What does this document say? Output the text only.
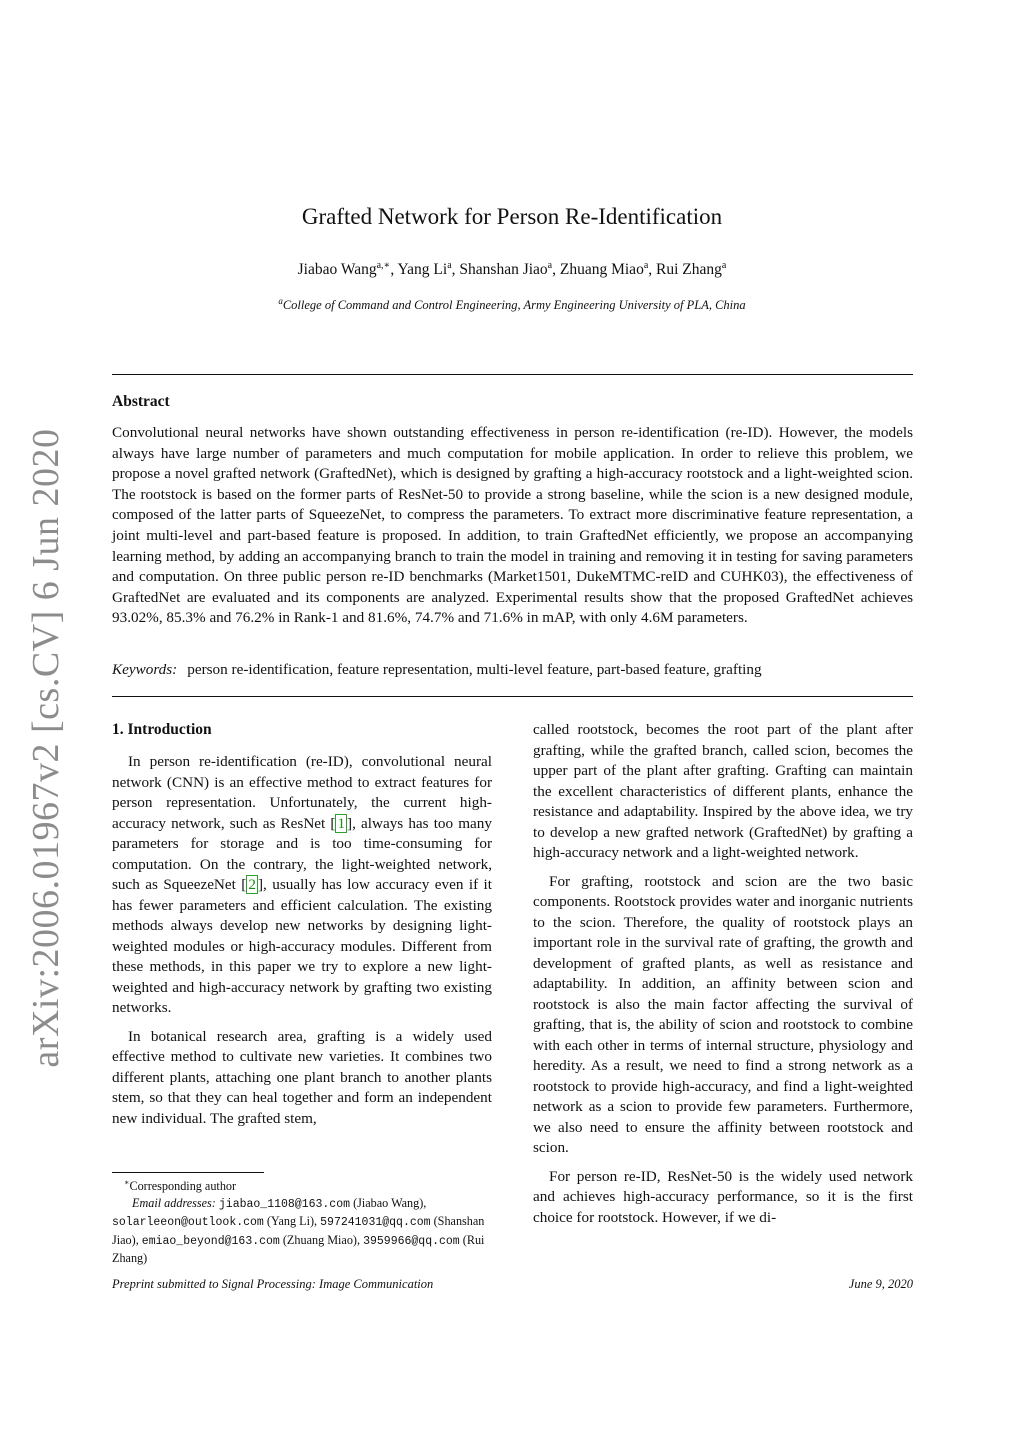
arXiv:2006.01967v2 [cs.CV] 6 Jun 2020
Grafted Network for Person Re-Identification
Jiabao Wang$^{a,∗}$, Yang Li$^a$, Shanshan Jiao$^a$, Zhuang Miao$^a$, Rui Zhang$^a$
$^a$College of Command and Control Engineering, Army Engineering University of PLA, China
Abstract

Convolutional neural networks have shown outstanding effectiveness in person re-identification (re-ID). However, the models always have large number of parameters and much computation for mobile application. In order to relieve this problem, we propose a novel grafted network (GraftedNet), which is designed by grafting a high-accuracy rootstock and a light-weighted scion. The rootstock is based on the former parts of ResNet-50 to provide a strong baseline, while the scion is a new designed module, composed of the latter parts of SqueezeNet, to compress the parameters. To extract more discriminative feature representation, a joint multi-level and part-based feature is proposed. In addition, to train GraftedNet efficiently, we propose an accompanying learning method, by adding an accompanying branch to train the model in training and removing it in testing for saving parameters and computation. On three public person re-ID benchmarks (Market1501, DukeMTMC-reID and CUHK03), the effectiveness of GraftedNet are evaluated and its components are analyzed. Experimental results show that the proposed GraftedNet achieves 93.02%, 85.3% and 76.2% in Rank-1 and 81.6%, 74.7% and 71.6% in mAP, with only 4.6M parameters.

Keywords: person re-identification, feature representation, multi-level feature, part-based feature, grafting
1. Introduction

In person re-identification (re-ID), convolutional neural network (CNN) is an effective method to extract features for person representation. Unfortunately, the current high-accuracy network, such as ResNet [ 1 ], always has too many parameters for storage and is too time-consuming for computation. On the contrary, the light-weighted network, such as SqueezeNet [ 2 ], usually has low accuracy even if it has fewer parameters and efficient calculation. The existing methods always develop new networks by designing light-weighted modules or high-accuracy modules. Different from these methods, in this paper we try to explore a new light-weighted and high-accuracy network by grafting two existing networks.

In botanical research area, grafting is a widely used effective method to cultivate new varieties. It combines two different plants, attaching one plant branch to another plants stem, so that they can heal together and form an independent new individual. The grafted stem,

called rootstock, becomes the root part of the plant after grafting, while the grafted branch, called scion, becomes the upper part of the plant after grafting. Grafting can maintain the excellent characteristics of different plants, enhance the resistance and adaptability. Inspired by the above idea, we try to develop a new grafted network (GraftedNet) by grafting a high-accuracy network and a light-weighted network.

For grafting, rootstock and scion are the two basic components. Rootstock provides water and inorganic nutrients to the scion. Therefore, the quality of rootstock plays an important role in the survival rate of grafting, the growth and development of grafted plants, as well as resistance and adaptability. In addition, an affinity between scion and rootstock is also the main factor affecting the survival of grafting, that is, the ability of scion and rootstock to combine with each other in terms of internal structure, physiology and heredity. As a result, we need to find a strong network as a rootstock to provide high-accuracy, and find a light-weighted network as a scion to provide few parameters. Furthermore, we also need to ensure the affinity between rootstock and scion.

For person re-ID, ResNet-50 is the widely used network and achieves high-accuracy performance, so it is the first choice for rootstock. However, if we di-

∗Corresponding author
Email addresses: jiabao_1108@163.com (Jiabao Wang), solarleeon@outlook.com (Yang Li), 597241031@qq.com (Shanshan Jiao), emiao_beyond@163.com (Zhuang Miao), 3959966@qq.com (Rui Zhang)
Preprint submitted to Signal Processing: Image Communication	June 9, 2020
